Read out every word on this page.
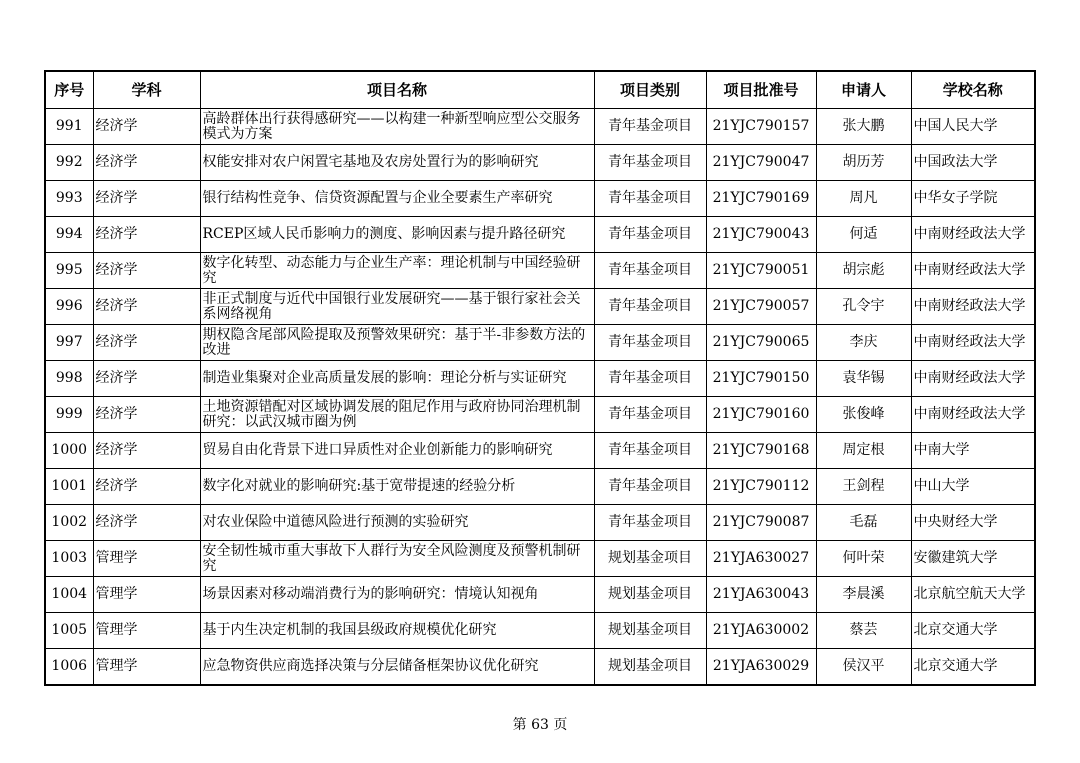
序号	学科	项目名称	项目类别	项目批准号	申请人	学校名称
991	经济学	高龄群体出行获得感研究——以构建一种新型响应型公交服务模式为方案	青年基金项目	21YJC790157	张大鹏	中国人民大学
992	经济学	权能安排对农户闲置宅基地及农房处置行为的影响研究	青年基金项目	21YJC790047	胡历芳	中国政法大学
993	经济学	银行结构性竞争、信贷资源配置与企业全要素生产率研究	青年基金项目	21YJC790169	周凡	中华女子学院
994	经济学	RCEP区域人民币影响力的测度、影响因素与提升路径研究	青年基金项目	21YJC790043	何适	中南财经政法大学
995	经济学	数字化转型、动态能力与企业生产率：理论机制与中国经验研究	青年基金项目	21YJC790051	胡宗彪	中南财经政法大学
996	经济学	非正式制度与近代中国银行业发展研究——基于银行家社会关系网络视角	青年基金项目	21YJC790057	孔令宇	中南财经政法大学
997	经济学	期权隐含尾部风险提取及预警效果研究：基于半-非参数方法的改进	青年基金项目	21YJC790065	李庆	中南财经政法大学
998	经济学	制造业集聚对企业高质量发展的影响：理论分析与实证研究	青年基金项目	21YJC790150	袁华锡	中南财经政法大学
999	经济学	土地资源错配对区域协调发展的阻尼作用与政府协同治理机制研究：以武汉城市圈为例	青年基金项目	21YJC790160	张俊峰	中南财经政法大学
1000	经济学	贸易自由化背景下进口异质性对企业创新能力的影响研究	青年基金项目	21YJC790168	周定根	中南大学
1001	经济学	数字化对就业的影响研究:基于宽带提速的经验分析	青年基金项目	21YJC790112	王剑程	中山大学
1002	经济学	对农业保险中道德风险进行预测的实验研究	青年基金项目	21YJC790087	毛磊	中央财经大学
1003	管理学	安全韧性城市重大事故下人群行为安全风险测度及预警机制研究	规划基金项目	21YJA630027	何叶荣	安徽建筑大学
1004	管理学	场景因素对移动端消费行为的影响研究：情境认知视角	规划基金项目	21YJA630043	李晨溪	北京航空航天大学
1005	管理学	基于内生决定机制的我国县级政府规模优化研究	规划基金项目	21YJA630002	蔡芸	北京交通大学
1006	管理学	应急物资供应商选择决策与分层储备框架协议优化研究	规划基金项目	21YJA630029	侯汉平	北京交通大学
第 63 页
